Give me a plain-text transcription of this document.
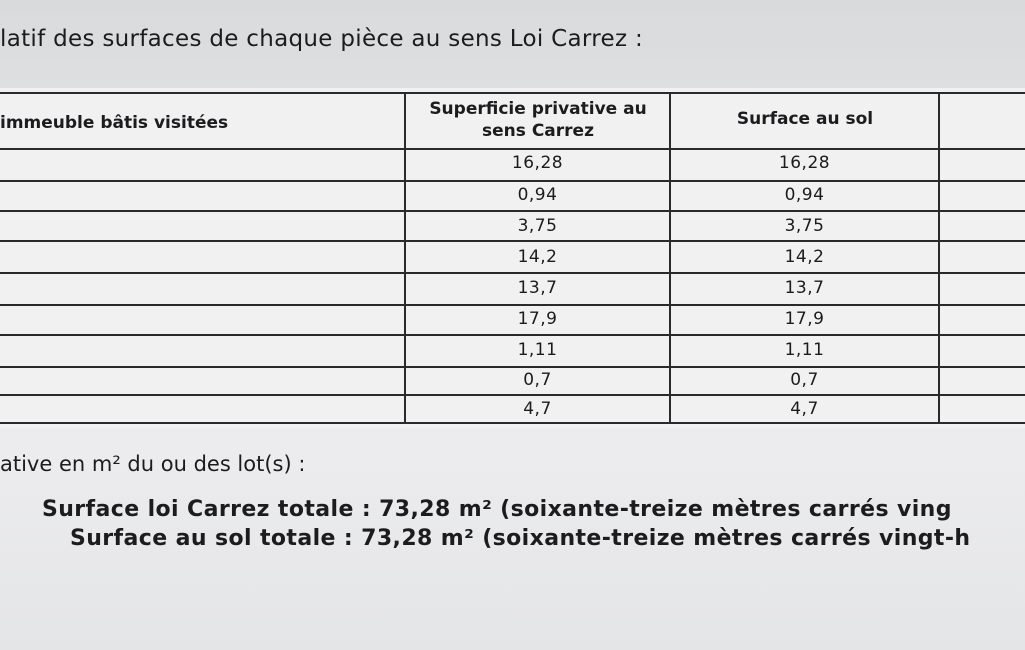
latif des surfaces de chaque pièce au sens Loi Carrez :
immeuble bâtis visitées
Superficie privative au sens Carrez
Surface au sol
16,28
0,94
3,75
14,2
13,7
17,9
1,11
0,7
4,7
16,28
0,94
3,75
14,2
13,7
17,9
1,11
0,7
4,7

ative en m² du ou des lot(s) :

Surface loi Carrez totale : 73,28 m² (soixante-treize mètres carrés ving
Surface au sol totale : 73,28 m² (soixante-treize mètres carrés vingt-h
